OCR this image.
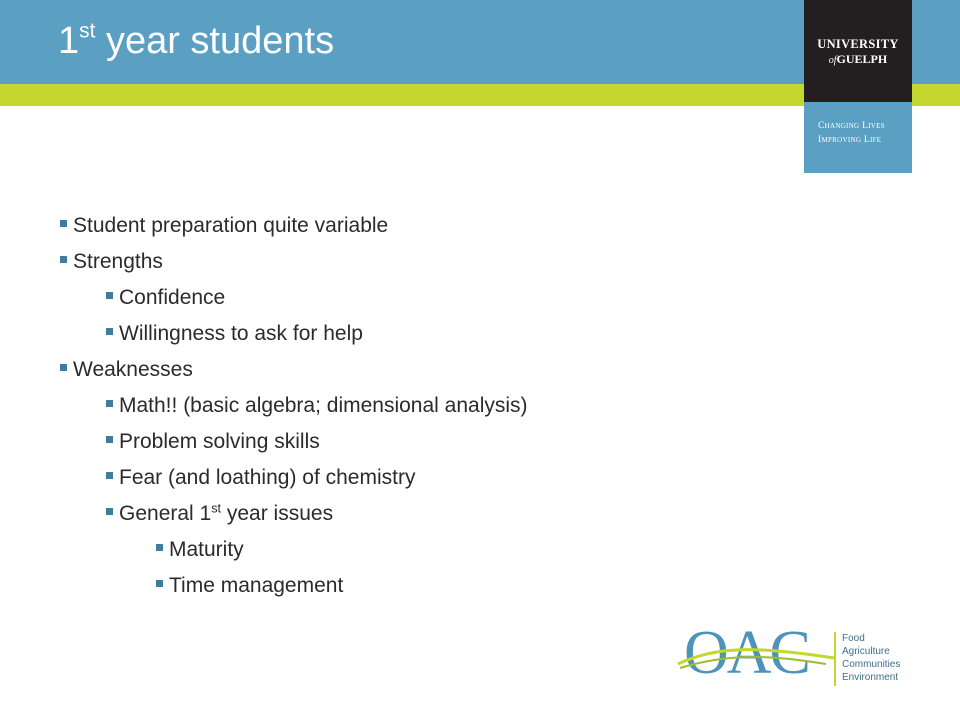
1st year students	UNIVERSITY
ofGUELPH
Changing Lives
Improving Life
Student preparation quite variable
Strengths
Confidence
Willingness to ask for help
Weaknesses
Math!! (basic algebra; dimensional analysis)
Problem solving skills
Fear (and loathing) of chemistry
General 1st year issues
Maturity
Time management
OAC	Food
Agriculture
Communities
Environment
